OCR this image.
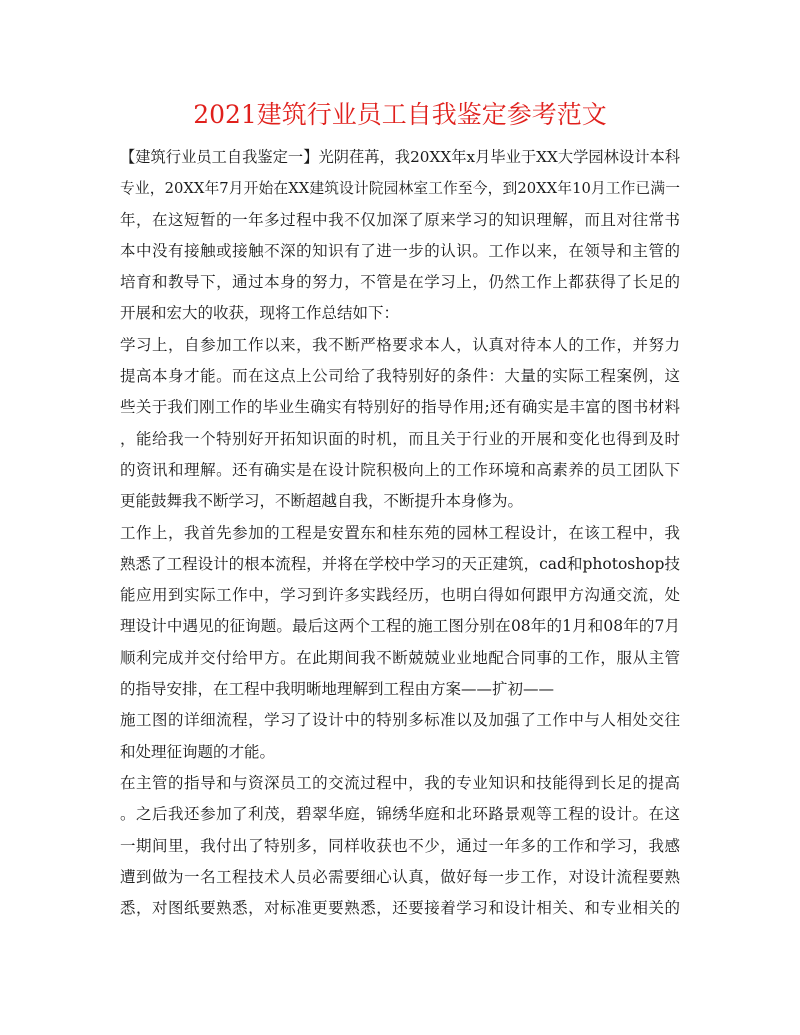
2021建筑行业员工自我鉴定参考范文
【建筑行业员工自我鉴定一】光阴荏苒，我20XX年x月毕业于XX大学园林设计本科
专业，20XX年7月开始在XX建筑设计院园林室工作至今，到20XX年10月工作已满一
年，在这短暂的一年多过程中我不仅加深了原来学习的知识理解，而且对往常书
本中没有接触或接触不深的知识有了进一步的认识。工作以来，在领导和主管的
培育和教导下，通过本身的努力，不管是在学习上，仍然工作上都获得了长足的
开展和宏大的收获，现将工作总结如下：
学习上，自参加工作以来，我不断严格要求本人，认真对待本人的工作，并努力
提高本身才能。而在这点上公司给了我特别好的条件：大量的实际工程案例，这
些关于我们刚工作的毕业生确实有特别好的指导作用;还有确实是丰富的图书材料
，能给我一个特别好开拓知识面的时机，而且关于行业的开展和变化也得到及时
的资讯和理解。还有确实是在设计院积极向上的工作环境和高素养的员工团队下
更能鼓舞我不断学习，不断超越自我，不断提升本身修为。
工作上，我首先参加的工程是安置东和桂东苑的园林工程设计，在该工程中，我
熟悉了工程设计的根本流程，并将在学校中学习的天正建筑，cad和photoshop技
能应用到实际工作中，学习到许多实践经历，也明白得如何跟甲方沟通交流，处
理设计中遇见的征询题。最后这两个工程的施工图分别在08年的1月和08年的7月
顺利完成并交付给甲方。在此期间我不断兢兢业业地配合同事的工作，服从主管
的指导安排，在工程中我明晰地理解到工程由方案——扩初——
施工图的详细流程，学习了设计中的特别多标准以及加强了工作中与人相处交往
和处理征询题的才能。
在主管的指导和与资深员工的交流过程中，我的专业知识和技能得到长足的提高
。之后我还参加了利茂，碧翠华庭，锦绣华庭和北环路景观等工程的设计。在这
一期间里，我付出了特别多，同样收获也不少，通过一年多的工作和学习，我感
遭到做为一名工程技术人员必需要细心认真，做好每一步工作，对设计流程要熟
悉，对图纸要熟悉，对标准更要熟悉，还要接着学习和设计相关、和专业相关的
